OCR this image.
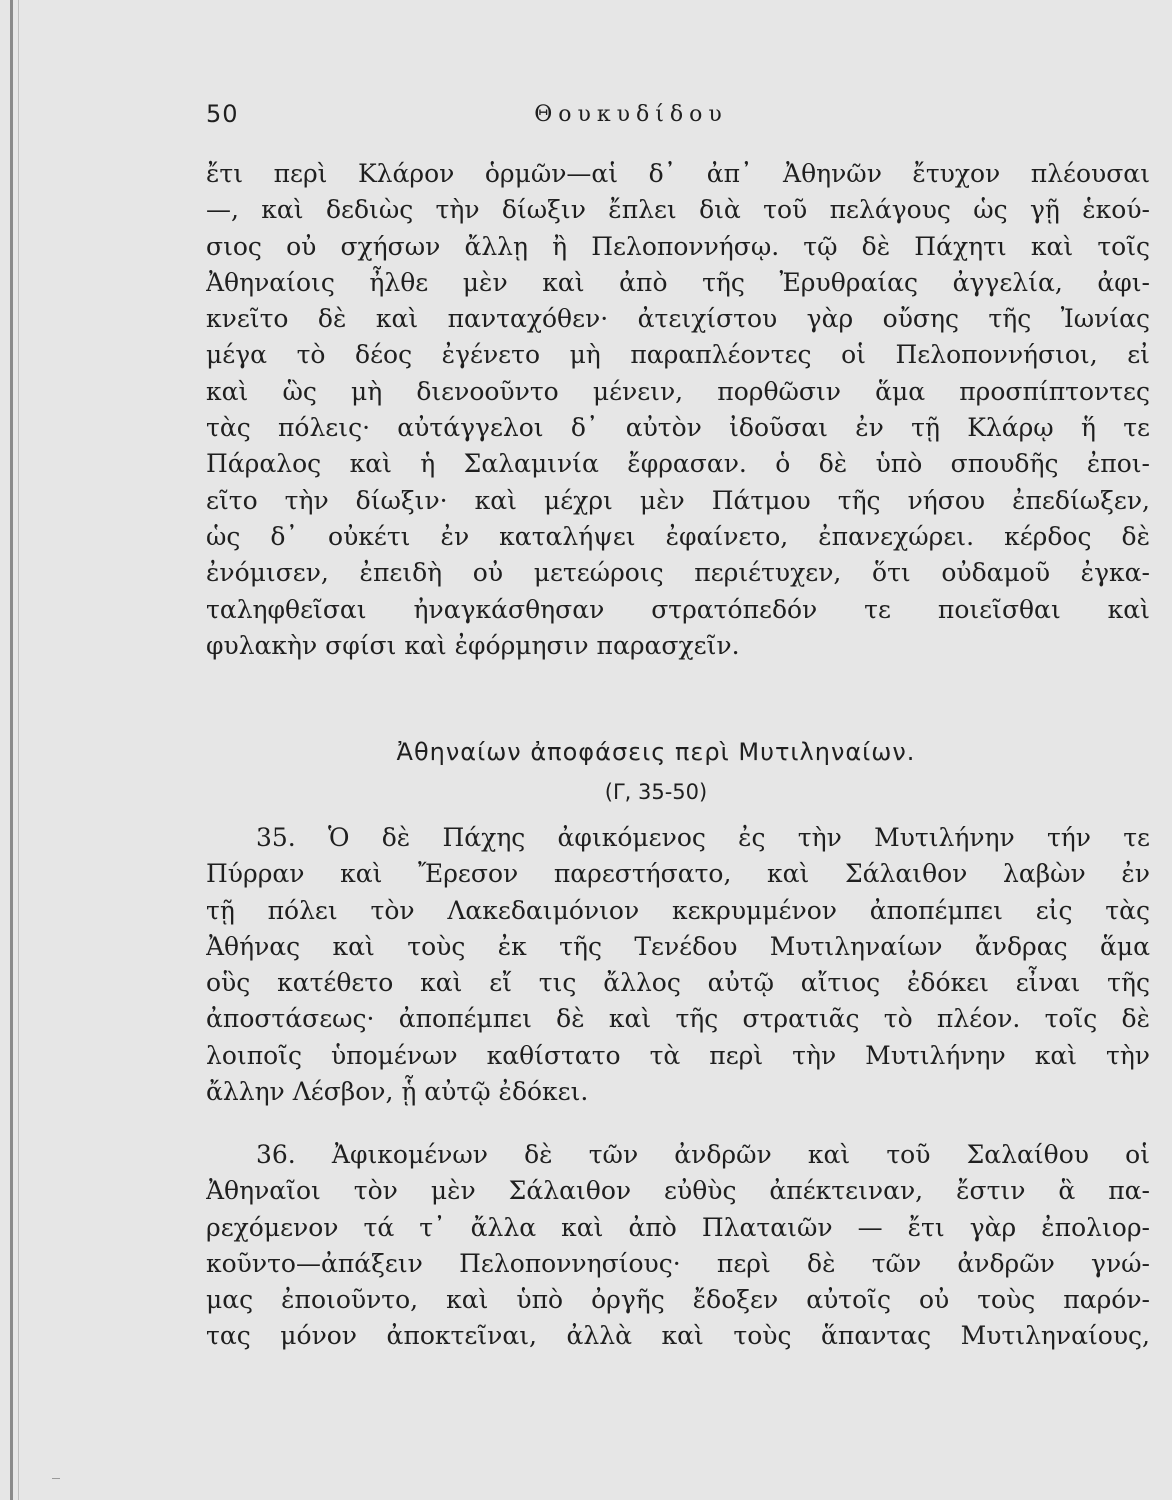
50	Θουκυδίδου
ἔτι περὶ Κλάρον ὁρμῶν—αἱ δ᾽ ἀπ᾽ Ἀθηνῶν ἔτυχον πλέουσαι
—, καὶ δεδιὼς τὴν δίωξιν ἔπλει διὰ τοῦ πελάγους ὡς γῇ ἑκού-
σιος οὐ σχήσων ἄλλῃ ἢ Πελοποννήσῳ. τῷ δὲ Πάχητι καὶ τοῖς
Ἀθηναίοις ἦλθε μὲν καὶ ἀπὸ τῆς Ἐρυθραίας ἀγγελία, ἀφι-
κνεῖτο δὲ καὶ πανταχόθεν· ἀτειχίστου γὰρ οὔσης τῆς Ἰωνίας
μέγα τὸ δέος ἐγένετο μὴ παραπλέοντες οἱ Πελοποννήσιοι, εἰ
καὶ ὣς μὴ διενοοῦντο μένειν, πορθῶσιν ἅμα προσπίπτοντες
τὰς πόλεις· αὐτάγγελοι δ᾽ αὐτὸν ἰδοῦσαι ἐν τῇ Κλάρῳ ἥ τε
Πάραλος καὶ ἡ Σαλαμινία ἔφρασαν. ὁ δὲ ὑπὸ σπουδῆς ἐποι-
εῖτο τὴν δίωξιν· καὶ μέχρι μὲν Πάτμου τῆς νήσου ἐπεδίωξεν,
ὡς δ᾽ οὐκέτι ἐν καταλήψει ἐφαίνετο, ἐπανεχώρει. κέρδος δὲ
ἐνόμισεν, ἐπειδὴ οὐ μετεώροις περιέτυχεν, ὅτι οὐδαμοῦ ἐγκα-
ταληφθεῖσαι ἠναγκάσθησαν στρατόπεδόν τε ποιεῖσθαι καὶ
φυλακὴν σφίσι καὶ ἐφόρμησιν παρασχεῖν.
Ἀθηναίων ἀποφάσεις περὶ Μυτιληναίων.
(Γ, 35-50)
35. Ὁ δὲ Πάχης ἀφικόμενος ἐς τὴν Μυτιλήνην τήν τε
Πύρραν καὶ Ἔρεσον παρεστήσατο, καὶ Σάλαιθον λαβὼν ἐν
τῇ πόλει τὸν Λακεδαιμόνιον κεκρυμμένον ἀποπέμπει εἰς τὰς
Ἀθήνας καὶ τοὺς ἐκ τῆς Τενέδου Μυτιληναίων ἄνδρας ἅμα
οὓς κατέθετο καὶ εἴ τις ἄλλος αὐτῷ αἴτιος ἐδόκει εἶναι τῆς
ἀποστάσεως· ἀποπέμπει δὲ καὶ τῆς στρατιᾶς τὸ πλέον. τοῖς δὲ
λοιποῖς ὑπομένων καθίστατο τὰ περὶ τὴν Μυτιλήνην καὶ τὴν
ἄλλην Λέσβον, ᾗ αὐτῷ ἐδόκει.
36. Ἀφικομένων δὲ τῶν ἀνδρῶν καὶ τοῦ Σαλαίθου οἱ
Ἀθηναῖοι τὸν μὲν Σάλαιθον εὐθὺς ἀπέκτειναν, ἔστιν ἃ πα-
ρεχόμενον τά τ᾽ ἄλλα καὶ ἀπὸ Πλαταιῶν — ἔτι γὰρ ἐπολιορ-
κοῦντο—ἀπάξειν Πελοποννησίους· περὶ δὲ τῶν ἀνδρῶν γνώ-
μας ἐποιοῦντο, καὶ ὑπὸ ὀργῆς ἔδοξεν αὐτοῖς οὐ τοὺς παρόν-
τας μόνον ἀποκτεῖναι, ἀλλὰ καὶ τοὺς ἅπαντας Μυτιληναίους,
